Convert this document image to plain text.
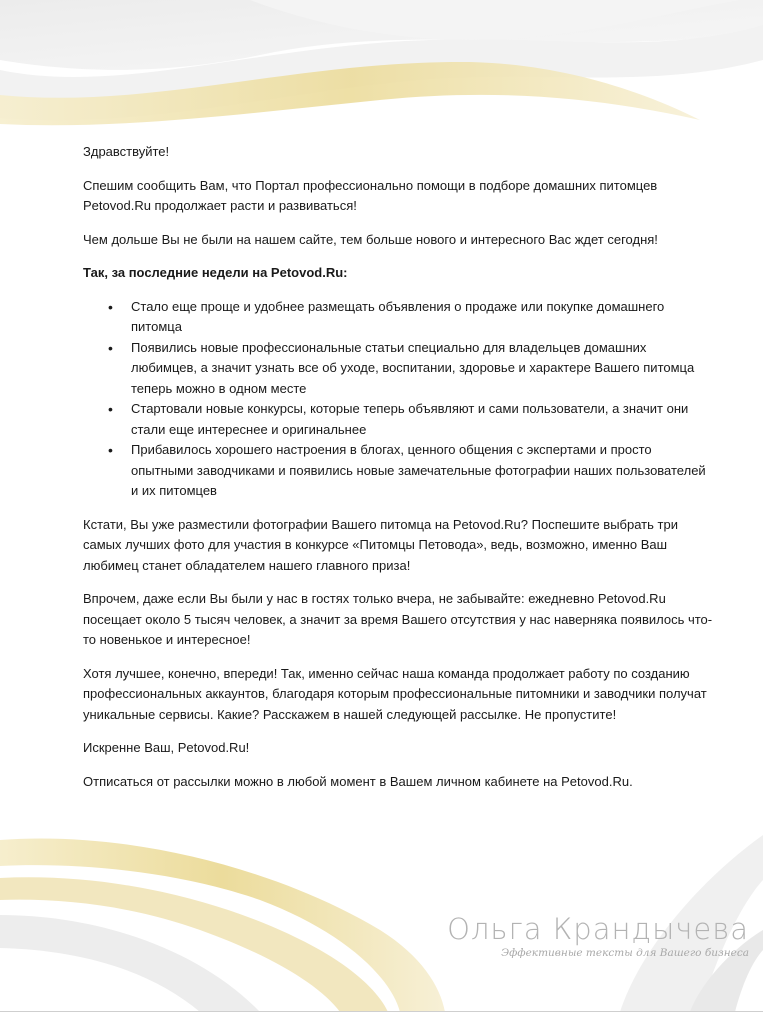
Здравствуйте!

Спешим сообщить Вам, что Портал профессионально помощи в подборе домашних питомцев Petovod.Ru продолжает расти и развиваться!

Чем дольше Вы не были на нашем сайте, тем больше нового и интересного Вас ждет сегодня!

Так, за последние недели на Petovod.Ru:

• Стало еще проще и удобнее размещать объявления о продаже или покупке домашнего питомца
• Появились новые профессиональные статьи специально для владельцев домашних любимцев, а значит узнать все об уходе, воспитании, здоровье и характере Вашего питомца теперь можно в одном месте
• Стартовали новые конкурсы, которые теперь объявляют и сами пользователи, а значит они стали еще интереснее и оригинальнее
• Прибавилось хорошего настроения в блогах, ценного общения с экспертами и просто опытными заводчиками и появились новые замечательные фотографии наших пользователей и их питомцев

Кстати, Вы уже разместили фотографии Вашего питомца на Petovod.Ru? Поспешите выбрать три самых лучших фото для участия в конкурсе «Питомцы Петовода», ведь, возможно, именно Ваш любимец станет обладателем нашего главного приза!

Впрочем, даже если Вы были у нас в гостях только вчера, не забывайте: ежедневно Petovod.Ru посещает около 5 тысяч человек, а значит за время Вашего отсутствия у нас наверняка появилось что-то новенькое и интересное!

Хотя лучшее, конечно, впереди! Так, именно сейчас наша команда продолжает работу по созданию профессиональных аккаунтов, благодаря которым профессиональные питомники и заводчики получат уникальные сервисы. Какие? Расскажем в нашей следующей рассылке. Не пропустите!

Искренне Ваш, Petovod.Ru!

Отписаться от рассылки можно в любой момент в Вашем личном кабинете на Petovod.Ru.

Ольга Крандычева
Эффективные тексты для Вашего бизнеса
